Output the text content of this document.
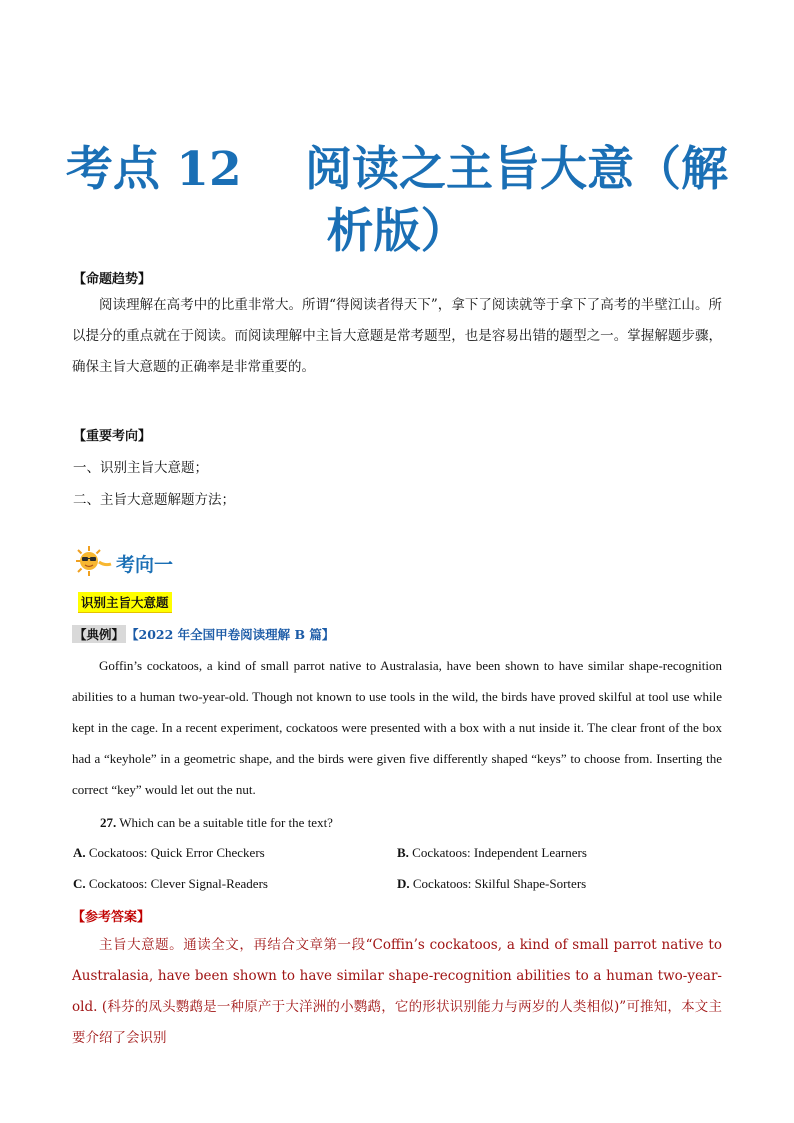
考点 12　 阅读之主旨大意（解
析版）
【命题趋势】
阅读理解在高考中的比重非常大。所谓“得阅读者得天下”，拿下了阅读就等于拿下了高考的半壁江山。所以提分的重点就在于阅读。而阅读理解中主旨大意题是常考题型，也是容易出错的题型之一。掌握解题步骤，确保主旨大意题的正确率是非常重要的。
【重要考向】
一、识别主旨大意题；
二、主旨大意题解题方法；
考向一
识别主旨大意题
【典例】 【2022 年全国甲卷阅读理解 B 篇】
Goffin’s cockatoos, a kind of small parrot native to Australasia, have been shown to have similar shape-recognition abilities to a human two-year-old. Though not known to use tools in the wild, the birds have proved skilful at tool use while kept in the cage. In a recent experiment, cockatoos were presented with a box with a nut inside it. The clear front of the box had a “keyhole” in a geometric shape, and the birds were given five differently shaped “keys” to choose from. Inserting the correct “key” would let out the nut.
27. Which can be a suitable title for the text?
A. Cockatoos: Quick Error Checkers	B. Cockatoos: Independent Learners
C. Cockatoos: Clever Signal-Readers	D. Cockatoos: Skilful Shape-Sorters
【参考答案】
主旨大意题。通读全文，再结合文章第一段“Coffin’s cockatoos, a kind of small parrot native to Australasia, have been shown to have similar shape-recognition abilities to a human two-year-old. (科芬的凤头鹦鹉是一种原产于大洋洲的小鹦鹉，它的形状识别能力与两岁的人类相似)”可推知，本文主要介绍了会识别
